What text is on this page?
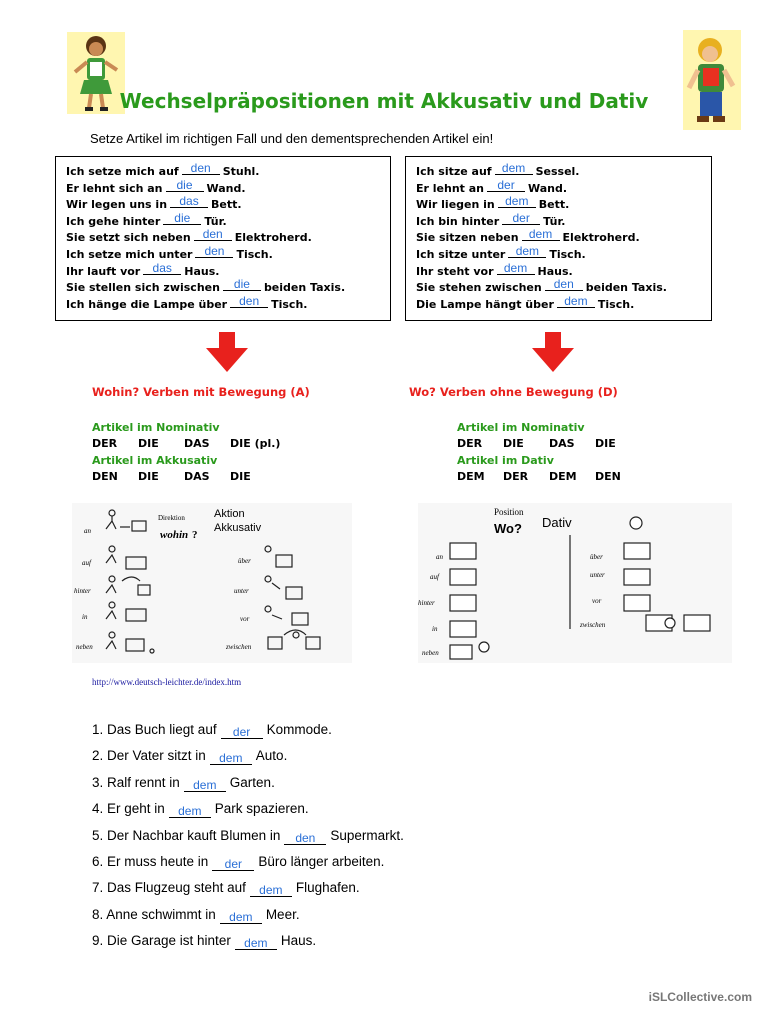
Wechselpräpositionen mit Akkusativ und Dativ
Setze Artikel im richtigen Fall und den dementsprechenden Artikel ein!
Ich setze mich auf den Stuhl.
Er lehnt sich an die Wand.
Wir legen uns in das Bett.
Ich gehe hinter die Tür.
Sie setzt sich neben den Elektroherd.
Ich setze mich unter den Tisch.
Ihr lauft vor das Haus.
Sie stellen sich zwischen die beiden Taxis.
Ich hänge die Lampe über den Tisch.
Ich sitze auf dem Sessel.
Er lehnt an der Wand.
Wir liegen in dem Bett.
Ich bin hinter der Tür.
Sie sitzen neben dem Elektroherd.
Ich sitze unter dem Tisch.
Ihr steht vor dem Haus.
Sie stehen zwischen den beiden Taxis.
Die Lampe hängt über dem Tisch.
Wohin? Verben mit Bewegung (A)	Wo? Verben ohne Bewegung (D)
Artikel im Nominativ
DER DIE DAS DIE (pl.)
Artikel im Akkusativ
DEN DIE DAS DIE
Artikel im Nominativ
DER DIE DAS DIE
Artikel im Dativ
DEM DER DEM DEN
Direktion	Aktion
Akkusativ
wohin ?
an
auf
hinter
in
neben
über
unter
vor
zwischen
Position
Wo? Dativ
an
auf
hinter
in
neben
über
unter
vor
zwischen
http://www.deutsch-leichter.de/index.htm
1. Das Buch liegt auf der Kommode.
2. Der Vater sitzt in dem Auto.
3. Ralf rennt in dem Garten.
4. Er geht in dem Park spazieren.
5. Der Nachbar kauft Blumen in den Supermarkt.
6. Er muss heute in der Büro länger arbeiten.
7. Das Flugzeug steht auf dem Flughafen.
8. Anne schwimmt in dem Meer.
9. Die Garage ist hinter dem Haus.
iSLCollective.com
